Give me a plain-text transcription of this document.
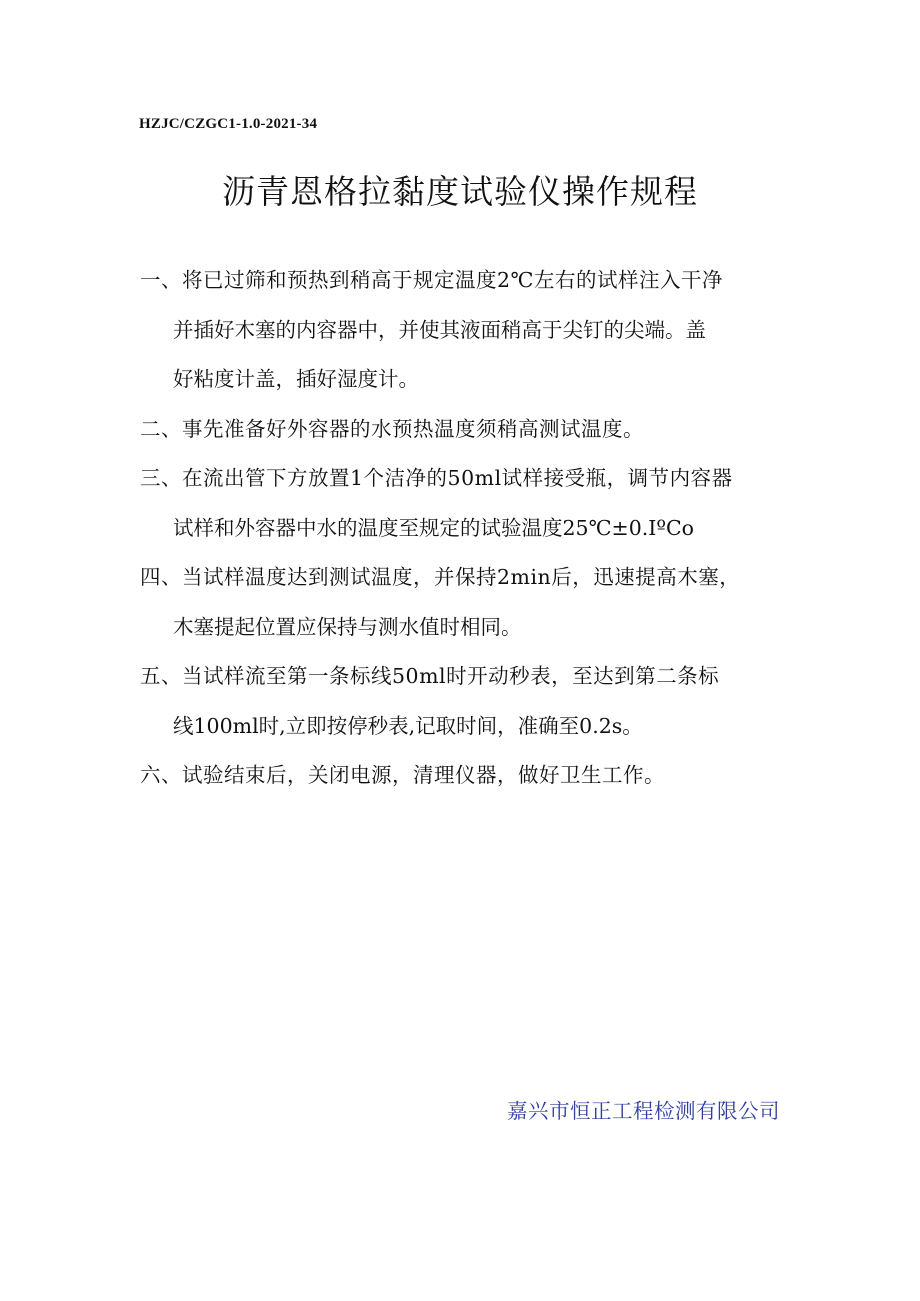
HZJC/CZGC1-1.0-2021-34
沥青恩格拉黏度试验仪操作规程
一、将已过筛和预热到稍高于规定温度2℃左右的试样注入干净
并插好木塞的内容器中，并使其液面稍高于尖钉的尖端。盖
好粘度计盖，插好湿度计。
二、事先准备好外容器的水预热温度须稍高测试温度。
三、在流出管下方放置1个洁净的50ml试样接受瓶，调节内容器
试样和外容器中水的温度至规定的试验温度25℃±0.IºCo
四、当试样温度达到测试温度，并保持2min后，迅速提高木塞，
木塞提起位置应保持与测水值时相同。
五、当试样流至第一条标线50ml时开动秒表，至达到第二条标
线100ml时,立即按停秒表,记取时间，准确至0.2s。
六、试验结束后，关闭电源，清理仪器，做好卫生工作。
嘉兴市恒正工程检测有限公司
